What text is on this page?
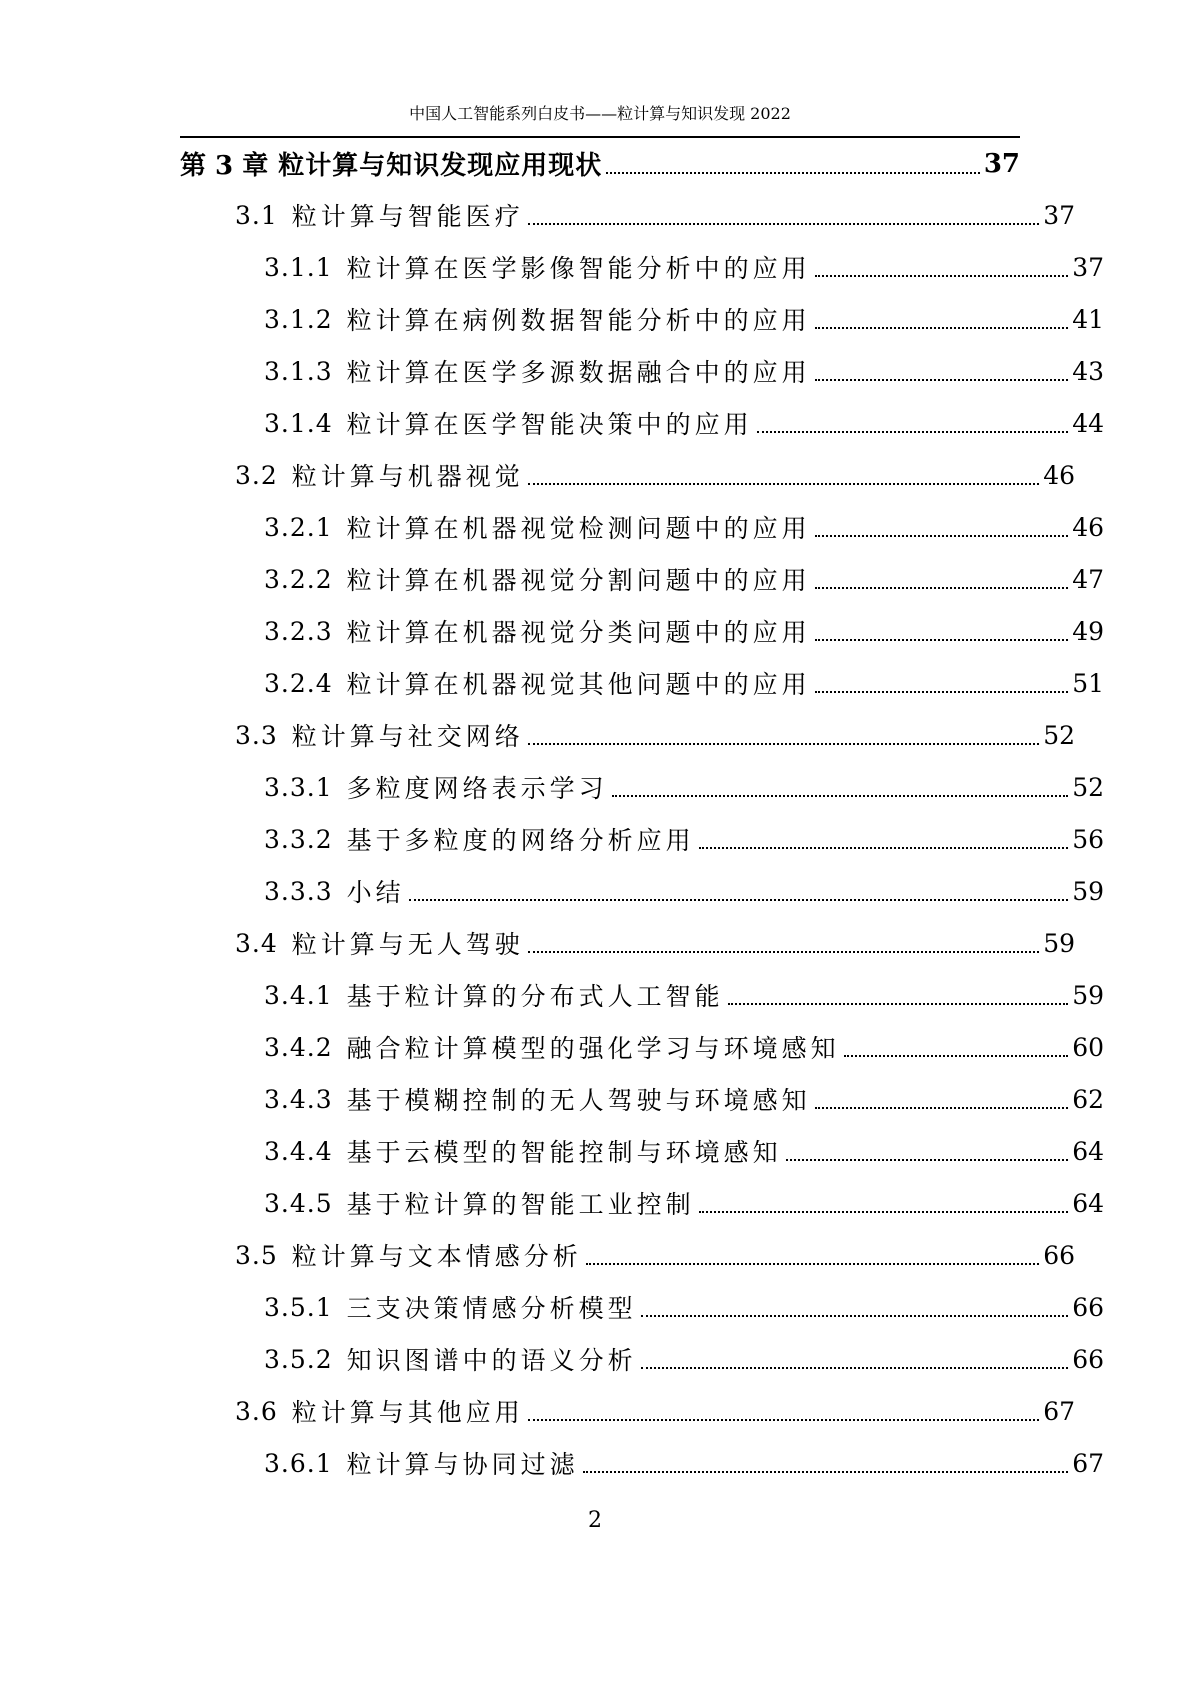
中国人工智能系列白皮书——粒计算与知识发现 2022
第 3 章 粒计算与知识发现应用现状	37
3.1 粒计算与智能医疗	37
3.1.1 粒计算在医学影像智能分析中的应用	37
3.1.2 粒计算在病例数据智能分析中的应用	41
3.1.3 粒计算在医学多源数据融合中的应用	43
3.1.4 粒计算在医学智能决策中的应用	44
3.2 粒计算与机器视觉	46
3.2.1 粒计算在机器视觉检测问题中的应用	46
3.2.2 粒计算在机器视觉分割问题中的应用	47
3.2.3 粒计算在机器视觉分类问题中的应用	49
3.2.4 粒计算在机器视觉其他问题中的应用	51
3.3 粒计算与社交网络	52
3.3.1 多粒度网络表示学习	52
3.3.2 基于多粒度的网络分析应用	56
3.3.3 小结	59
3.4 粒计算与无人驾驶	59
3.4.1 基于粒计算的分布式人工智能	59
3.4.2 融合粒计算模型的强化学习与环境感知	60
3.4.3 基于模糊控制的无人驾驶与环境感知	62
3.4.4 基于云模型的智能控制与环境感知	64
3.4.5 基于粒计算的智能工业控制	64
3.5 粒计算与文本情感分析	66
3.5.1 三支决策情感分析模型	66
3.5.2 知识图谱中的语义分析	66
3.6 粒计算与其他应用	67
3.6.1 粒计算与协同过滤	67
2
